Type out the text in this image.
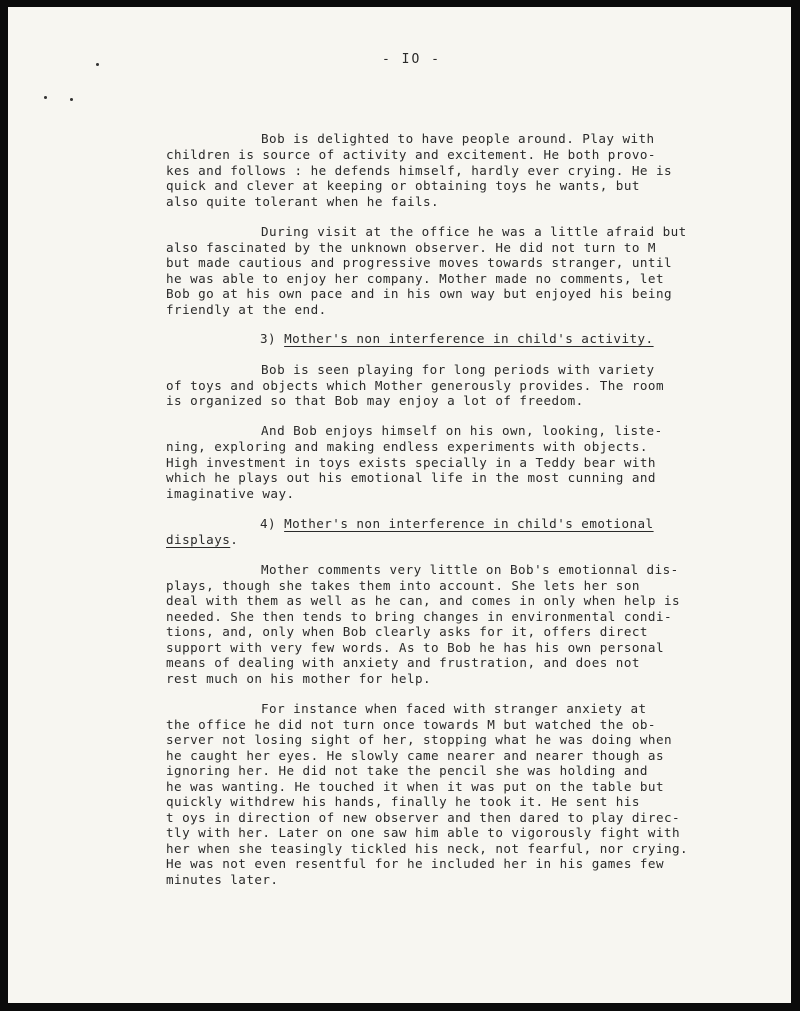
- IO -
Bob is delighted to have people around. Play with
children is source of activity and excitement. He both provo-
kes and follows : he defends himself, hardly ever crying. He is
quick and clever at keeping or obtaining toys he wants, but
also quite tolerant when he fails.
During visit at the office he was a little afraid but
also fascinated by the unknown observer. He did not turn to M
but made cautious and progressive moves towards stranger, until
he was able to enjoy her company. Mother made no comments, let
Bob go at his own pace and in his own way but enjoyed his being
friendly at the end.
3) Mother's non interference in child's activity.
Bob is seen playing for long periods with variety
of toys and objects which Mother generously provides. The room
is organized so that Bob may enjoy a lot of freedom.
And Bob enjoys himself on his own, looking, liste-
ning, exploring and making endless experiments with objects.
High investment in toys exists specially in a Teddy bear with
which he plays out his emotional life in the most cunning and
imaginative way.
4) Mother's non interference in child's emotional
displays.
Mother comments very little on Bob's emotionnal dis-
plays, though she takes them into account. She lets her son
deal with them as well as he can, and comes in only when help is
needed. She then tends to bring changes in environmental condi-
tions, and, only when Bob clearly asks for it, offers direct
support with very few words. As to Bob he has his own personal
means of dealing with anxiety and frustration, and does not
rest much on his mother for help.
For instance when faced with stranger anxiety at
the office he did not turn once towards M but watched the ob-
server not losing sight of her, stopping what he was doing when
he caught her eyes. He slowly came nearer and nearer though as
ignoring her. He did not take the pencil she was holding and
he was wanting. He touched it when it was put on the table but
quickly withdrew his hands, finally he took it. He sent his
t oys in direction of new observer and then dared to play direc-
tly with her. Later on one saw him able to vigorously fight with
her when she teasingly tickled his neck, not fearful, nor crying.
He was not even resentful for he included her in his games few
minutes later.
